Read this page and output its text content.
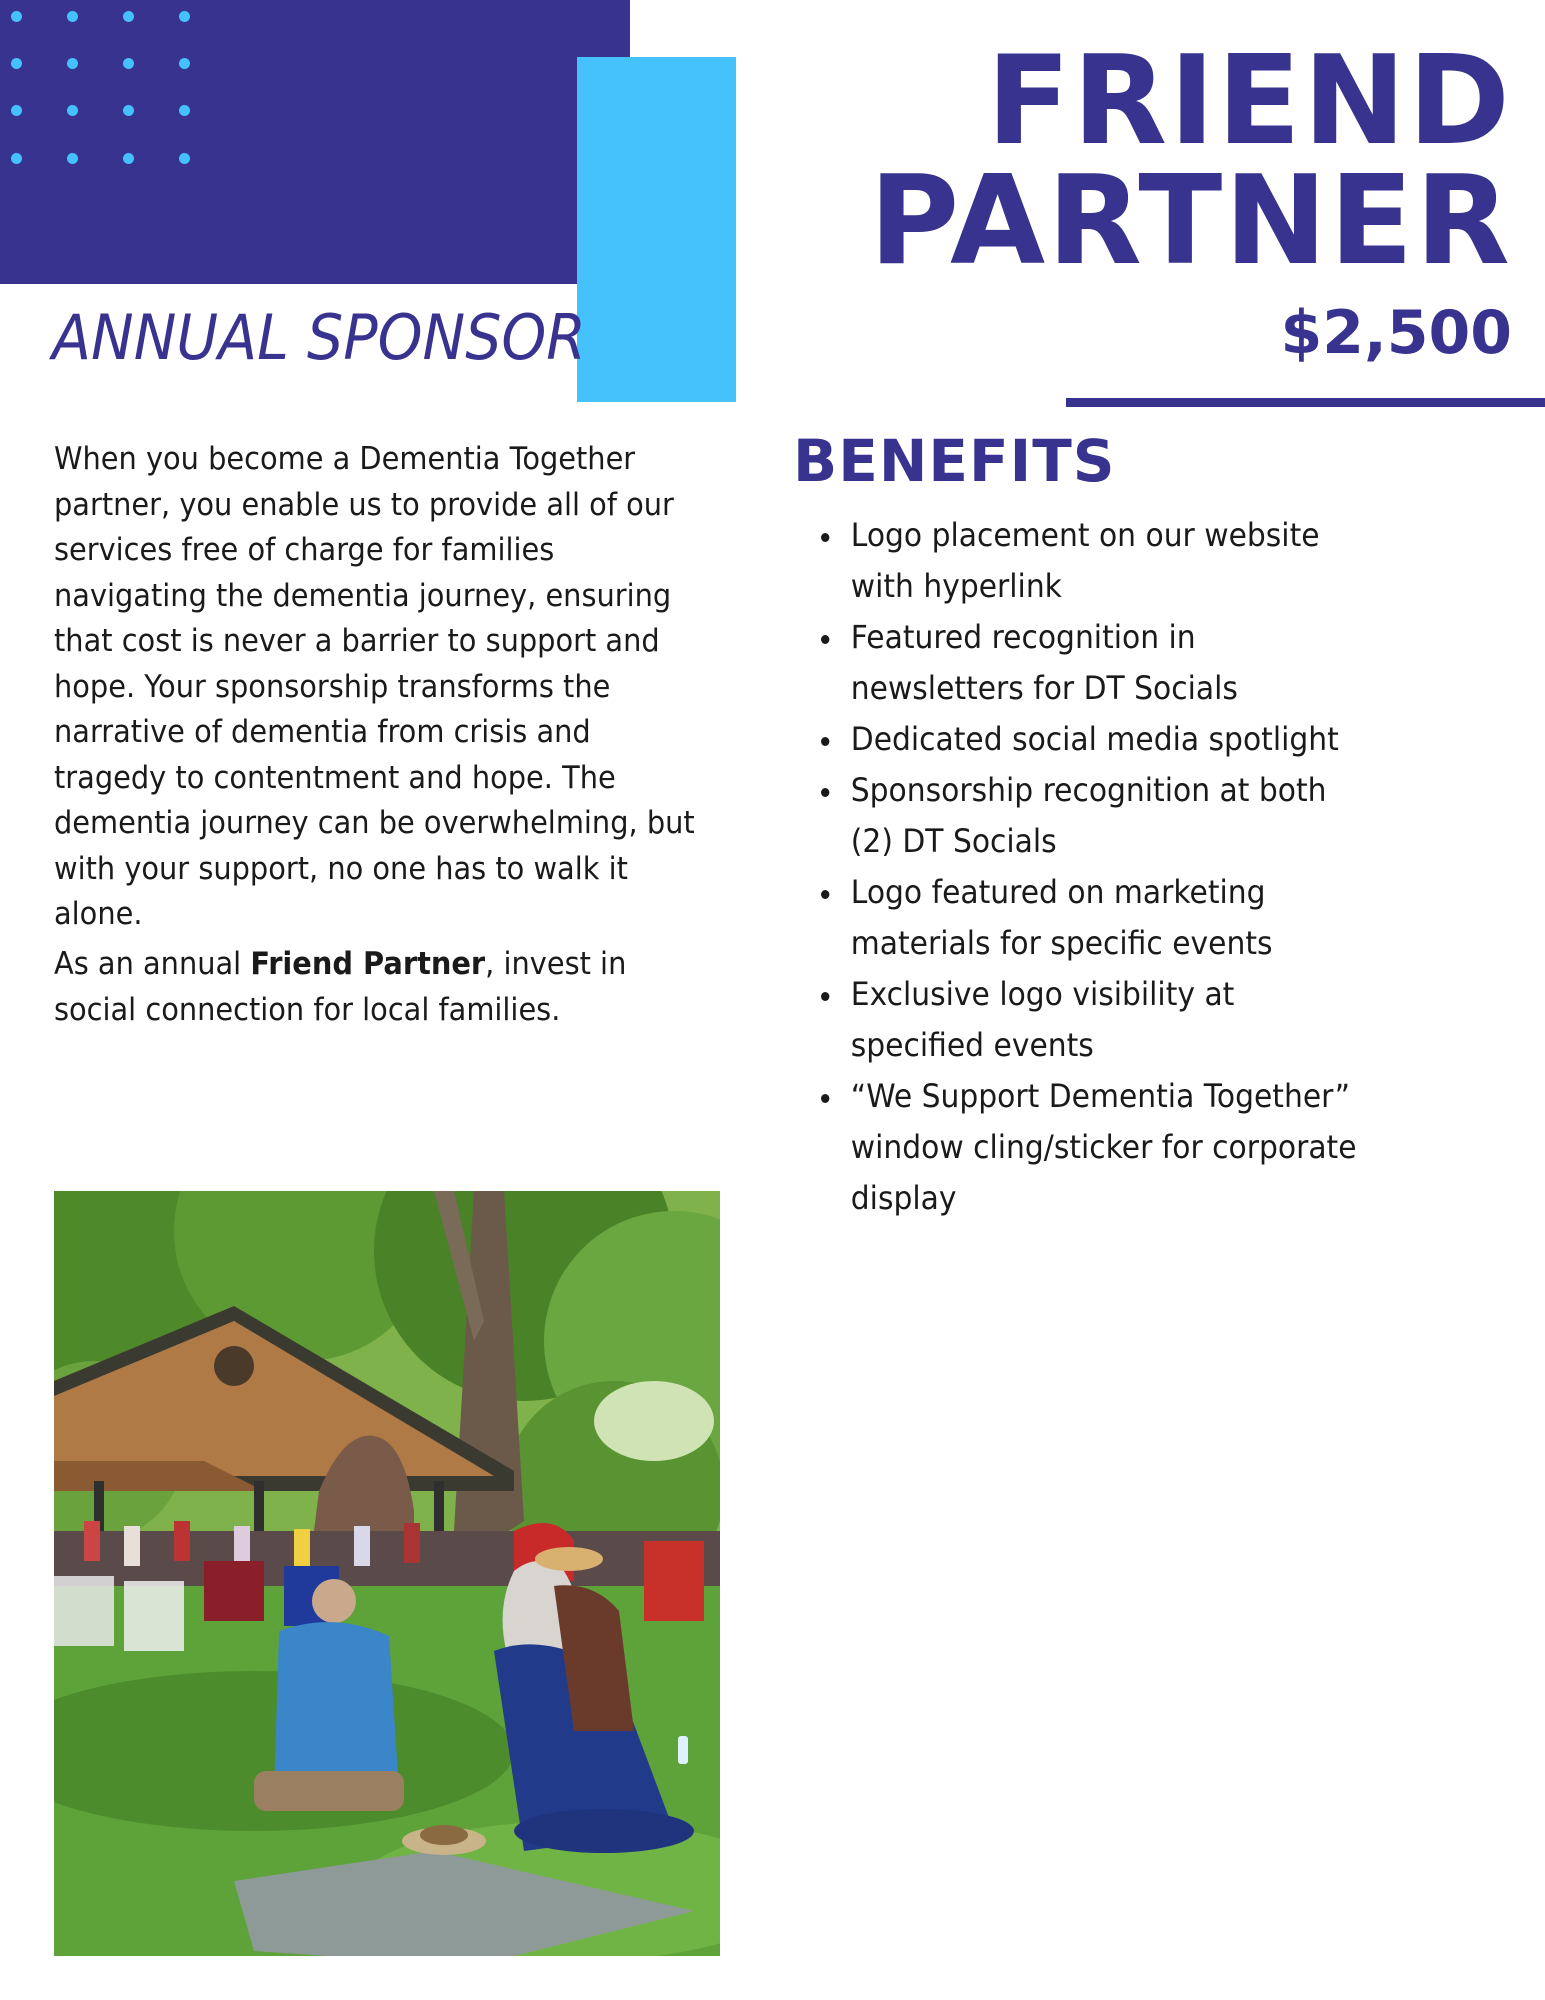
FRIEND
PARTNER
ANNUAL SPONSOR	$2,500

When you become a Dementia Together partner, you enable us to provide all of our services free of charge for families navigating the dementia journey, ensuring that cost is never a barrier to support and hope. Your sponsorship transforms the narrative of dementia from crisis and tragedy to contentment and hope. The dementia journey can be overwhelming, but with your support, no one has to walk it alone.

As an annual Friend Partner, invest in social connection for local families.

BENEFITS
• Logo placement on our website with hyperlink
• Featured recognition in newsletters for DT Socials
• Dedicated social media spotlight
• Sponsorship recognition at both (2) DT Socials
• Logo featured on marketing materials for specific events
• Exclusive logo visibility at specified events
• “We Support Dementia Together” window cling/sticker for corporate display
